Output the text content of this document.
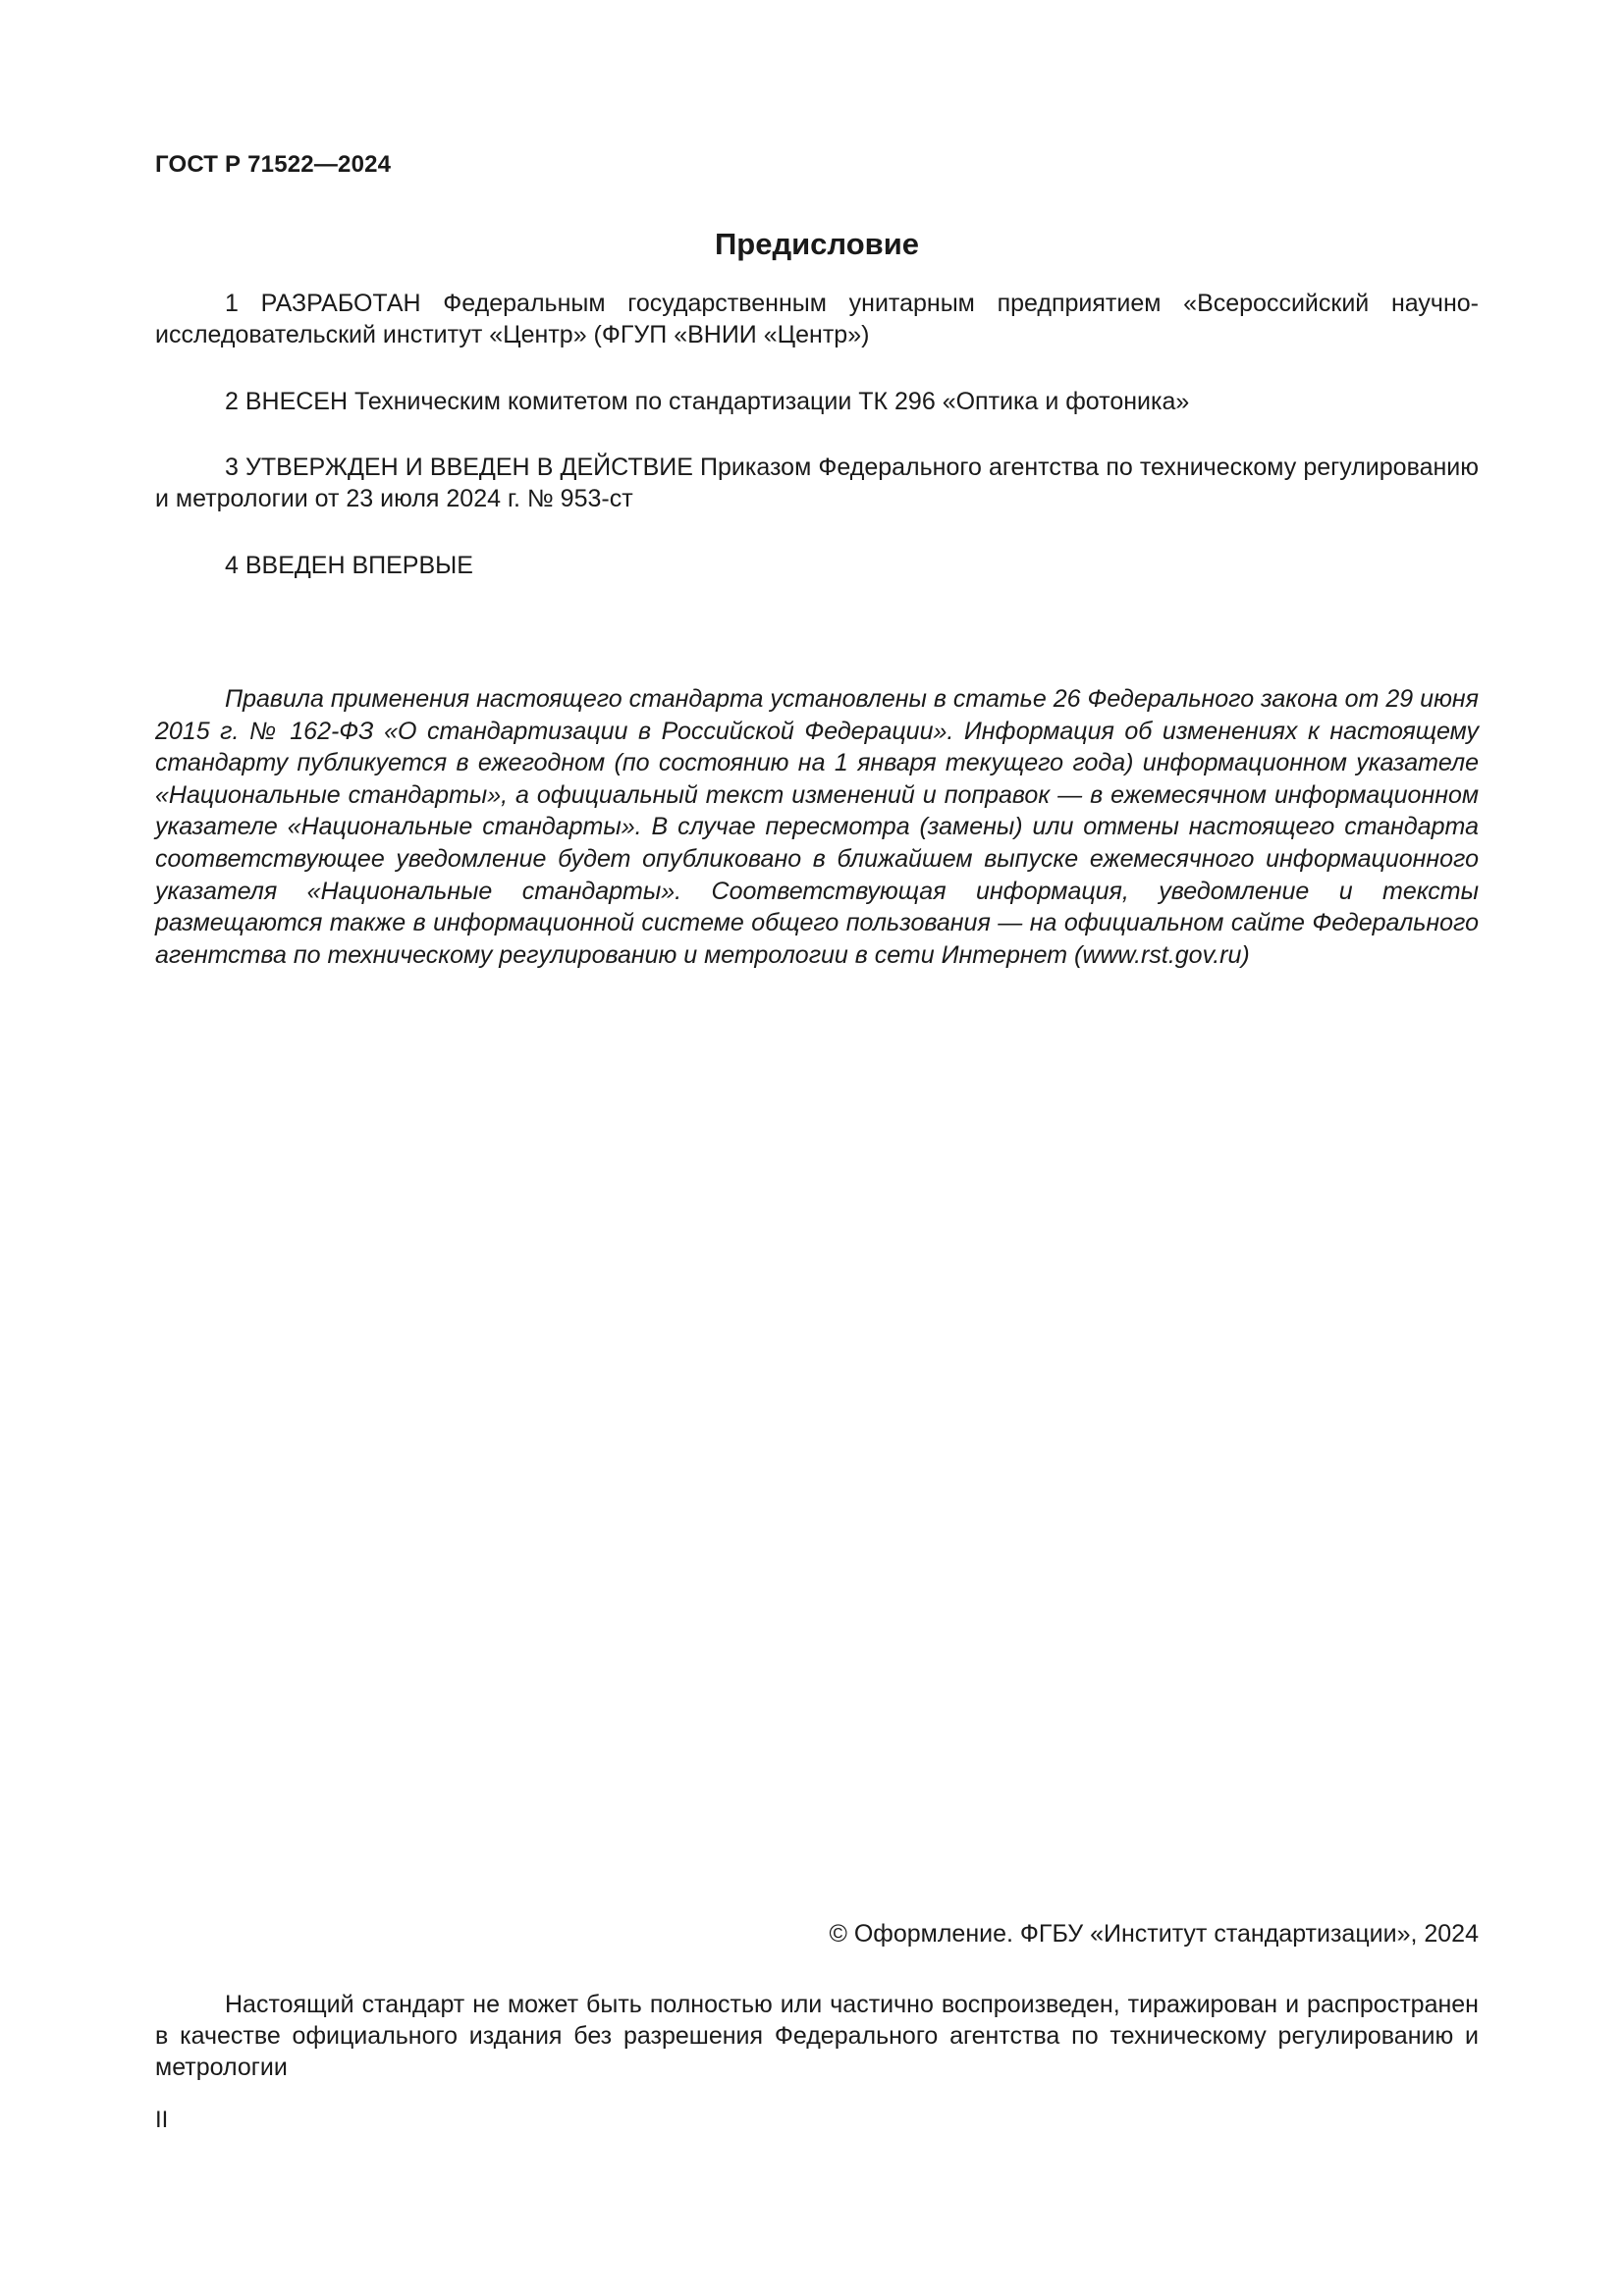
ГОСТ Р 71522—2024
Предисловие

1 РАЗРАБОТАН Федеральным государственным унитарным предприятием «Всероссийский научно-исследовательский институт «Центр» (ФГУП «ВНИИ «Центр»)

2 ВНЕСЕН Техническим комитетом по стандартизации ТК 296 «Оптика и фотоника»

3 УТВЕРЖДЕН И ВВЕДЕН В ДЕЙСТВИЕ Приказом Федерального агентства по техническому регулированию и метрологии от 23 июля 2024 г. № 953-ст

4 ВВЕДЕН ВПЕРВЫЕ

Правила применения настоящего стандарта установлены в статье 26 Федерального закона от 29 июня 2015 г. № 162-ФЗ «О стандартизации в Российской Федерации». Информация об изменениях к настоящему стандарту публикуется в ежегодном (по состоянию на 1 января текущего года) информационном указателе «Национальные стандарты», а официальный текст изменений и поправок — в ежемесячном информационном указателе «Национальные стандарты». В случае пересмотра (замены) или отмены настоящего стандарта соответствующее уведомление будет опубликовано в ближайшем выпуске ежемесячного информационного указателя «Национальные стандарты». Соответствующая информация, уведомление и тексты размещаются также в информационной системе общего пользования — на официальном сайте Федерального агентства по техническому регулированию и метрологии в сети Интернет (www.rst.gov.ru)

© Оформление. ФГБУ «Институт стандартизации», 2024

Настоящий стандарт не может быть полностью или частично воспроизведен, тиражирован и распространен в качестве официального издания без разрешения Федерального агентства по техническому регулированию и метрологии

II
